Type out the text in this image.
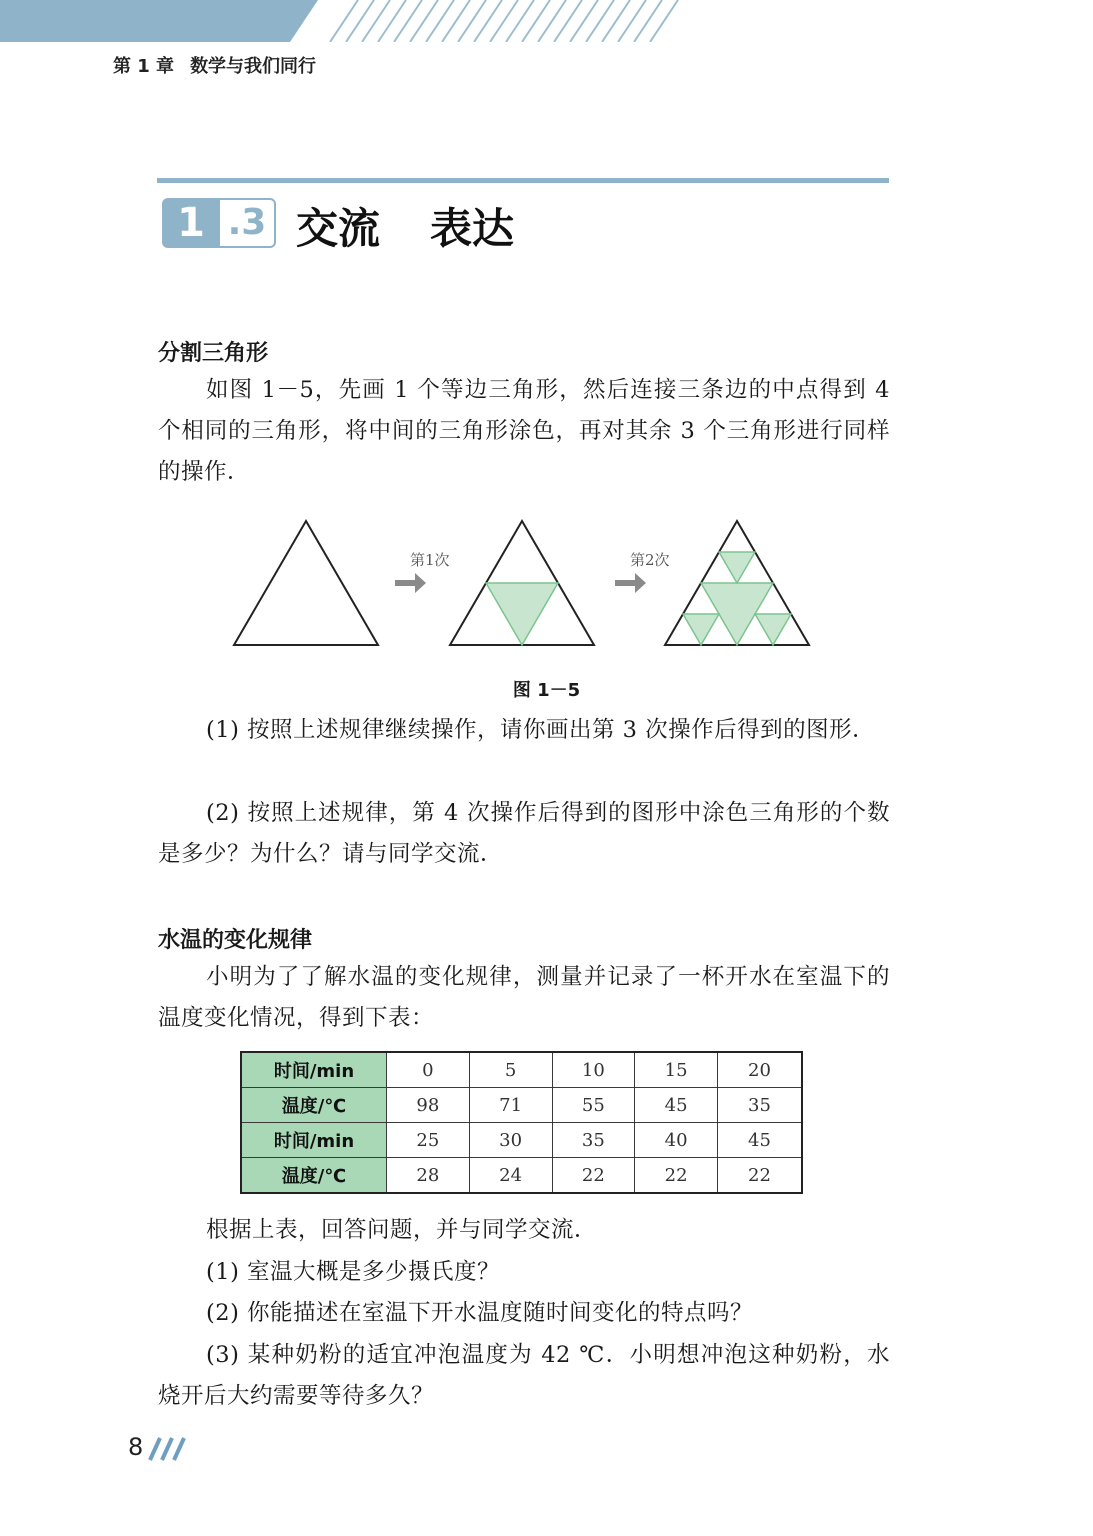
第 1 章 数学与我们同行
1 .3 交流 表达
分割三角形

如图 1－5，先画 1 个等边三角形，然后连接三条边的中点得到 4 个相同的三角形，将中间的三角形涂色，再对其余 3 个三角形进行同样的操作．

第1次	第2次
图 1－5

(1) 按照上述规律继续操作，请你画出第 3 次操作后得到的图形．

(2) 按照上述规律，第 4 次操作后得到的图形中涂色三角形的个数是多少？为什么？请与同学交流．

水温的变化规律

小明为了了解水温的变化规律，测量并记录了一杯开水在室温下的温度变化情况，得到下表：

时间/min	0	5	10	15	20
温度/℃	98	71	55	45	35
时间/min	25	30	35	40	45
温度/℃	28	24	22	22	22

根据上表，回答问题，并与同学交流．

(1) 室温大概是多少摄氏度？

(2) 你能描述在室温下开水温度随时间变化的特点吗？

(3) 某种奶粉的适宜冲泡温度为 42 ℃．小明想冲泡这种奶粉，水烧开后大约需要等待多久？

8
